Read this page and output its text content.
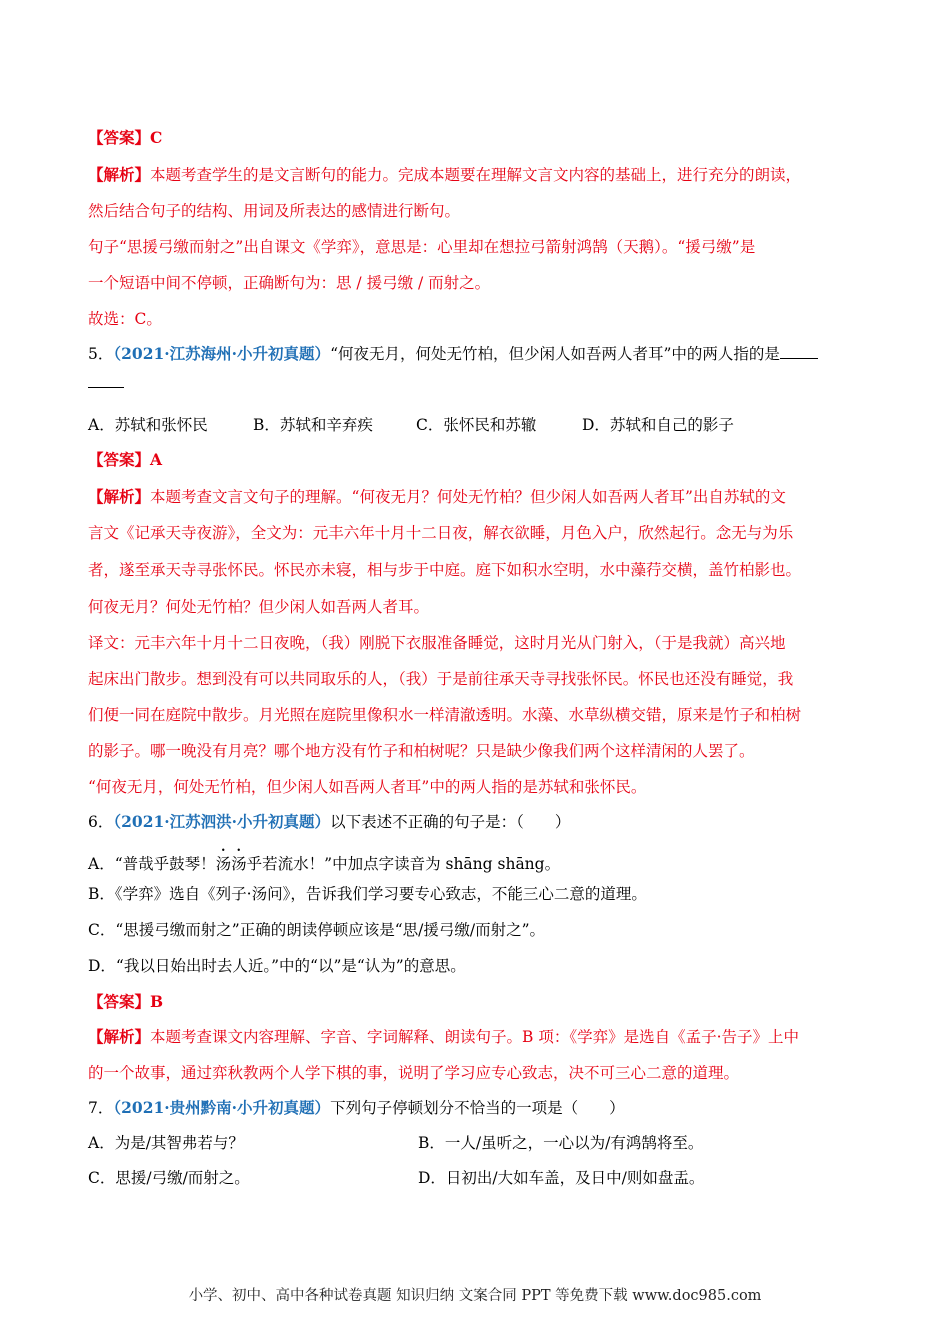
【答案】C
【解析】本题考查学生的是文言断句的能力。完成本题要在理解文言文内容的基础上，进行充分的朗读，
然后结合句子的结构、用词及所表达的感情进行断句。
句子“思援弓缴而射之”出自课文《学弈》，意思是：心里却在想拉弓箭射鸿鹄（天鹅）。“援弓缴”是
一个短语中间不停顿，正确断句为：思 / 援弓缴 / 而射之。
故选：C。
5．（2021·江苏海州·小升初真题）“何夜无月，何处无竹柏，但少闲人如吾两人者耳”中的两人指的是
A．苏轼和张怀民	B．苏轼和辛弃疾	C．张怀民和苏辙	D．苏轼和自己的影子
【答案】A
【解析】本题考查文言文句子的理解。“何夜无月？何处无竹柏？但少闲人如吾两人者耳”出自苏轼的文
言文《记承天寺夜游》，全文为：元丰六年十月十二日夜，解衣欲睡，月色入户，欣然起行。念无与为乐
者，遂至承天寺寻张怀民。怀民亦未寝，相与步于中庭。庭下如积水空明，水中藻荇交横，盖竹柏影也。
何夜无月？何处无竹柏？但少闲人如吾两人者耳。
译文：元丰六年十月十二日夜晚，（我）刚脱下衣服准备睡觉，这时月光从门射入，（于是我就）高兴地
起床出门散步。想到没有可以共同取乐的人，（我）于是前往承天寺寻找张怀民。怀民也还没有睡觉，我
们便一同在庭院中散步。月光照在庭院里像积水一样清澈透明。水藻、水草纵横交错，原来是竹子和柏树
的影子。哪一晚没有月亮？哪个地方没有竹子和柏树呢？只是缺少像我们两个这样清闲的人罢了。
“何夜无月，何处无竹柏，但少闲人如吾两人者耳”中的两人指的是苏轼和张怀民。
6．（2021·江苏泗洪·小升初真题）以下表述不正确的句子是：（　　）
A．“普哉乎鼓琴！汤汤乎若流水！”中加点字读音为 shāng shāng。
B．《学弈》选自《列子·汤问》，告诉我们学习要专心致志，不能三心二意的道理。
C．“思援弓缴而射之”正确的朗读停顿应该是“思/援弓缴/而射之”。
D．“我以日始出时去人近。”中的“以”是“认为”的意思。
【答案】B
【解析】本题考查课文内容理解、字音、字词解释、朗读句子。B 项：《学弈》是选自《孟子·告子》上中
的一个故事，通过弈秋教两个人学下棋的事，说明了学习应专心致志，决不可三心二意的道理。
7．（2021·贵州黔南·小升初真题）下列句子停顿划分不恰当的一项是（　　）
A．为是/其智弗若与？	B．一人/虽听之，一心以为/有鸿鹄将至。
C．思援/弓缴/而射之。	D．日初出/大如车盖，及日中/则如盘盂。
小学、初中、高中各种试卷真题 知识归纳 文案合同 PPT 等免费下载 www.doc985.com
